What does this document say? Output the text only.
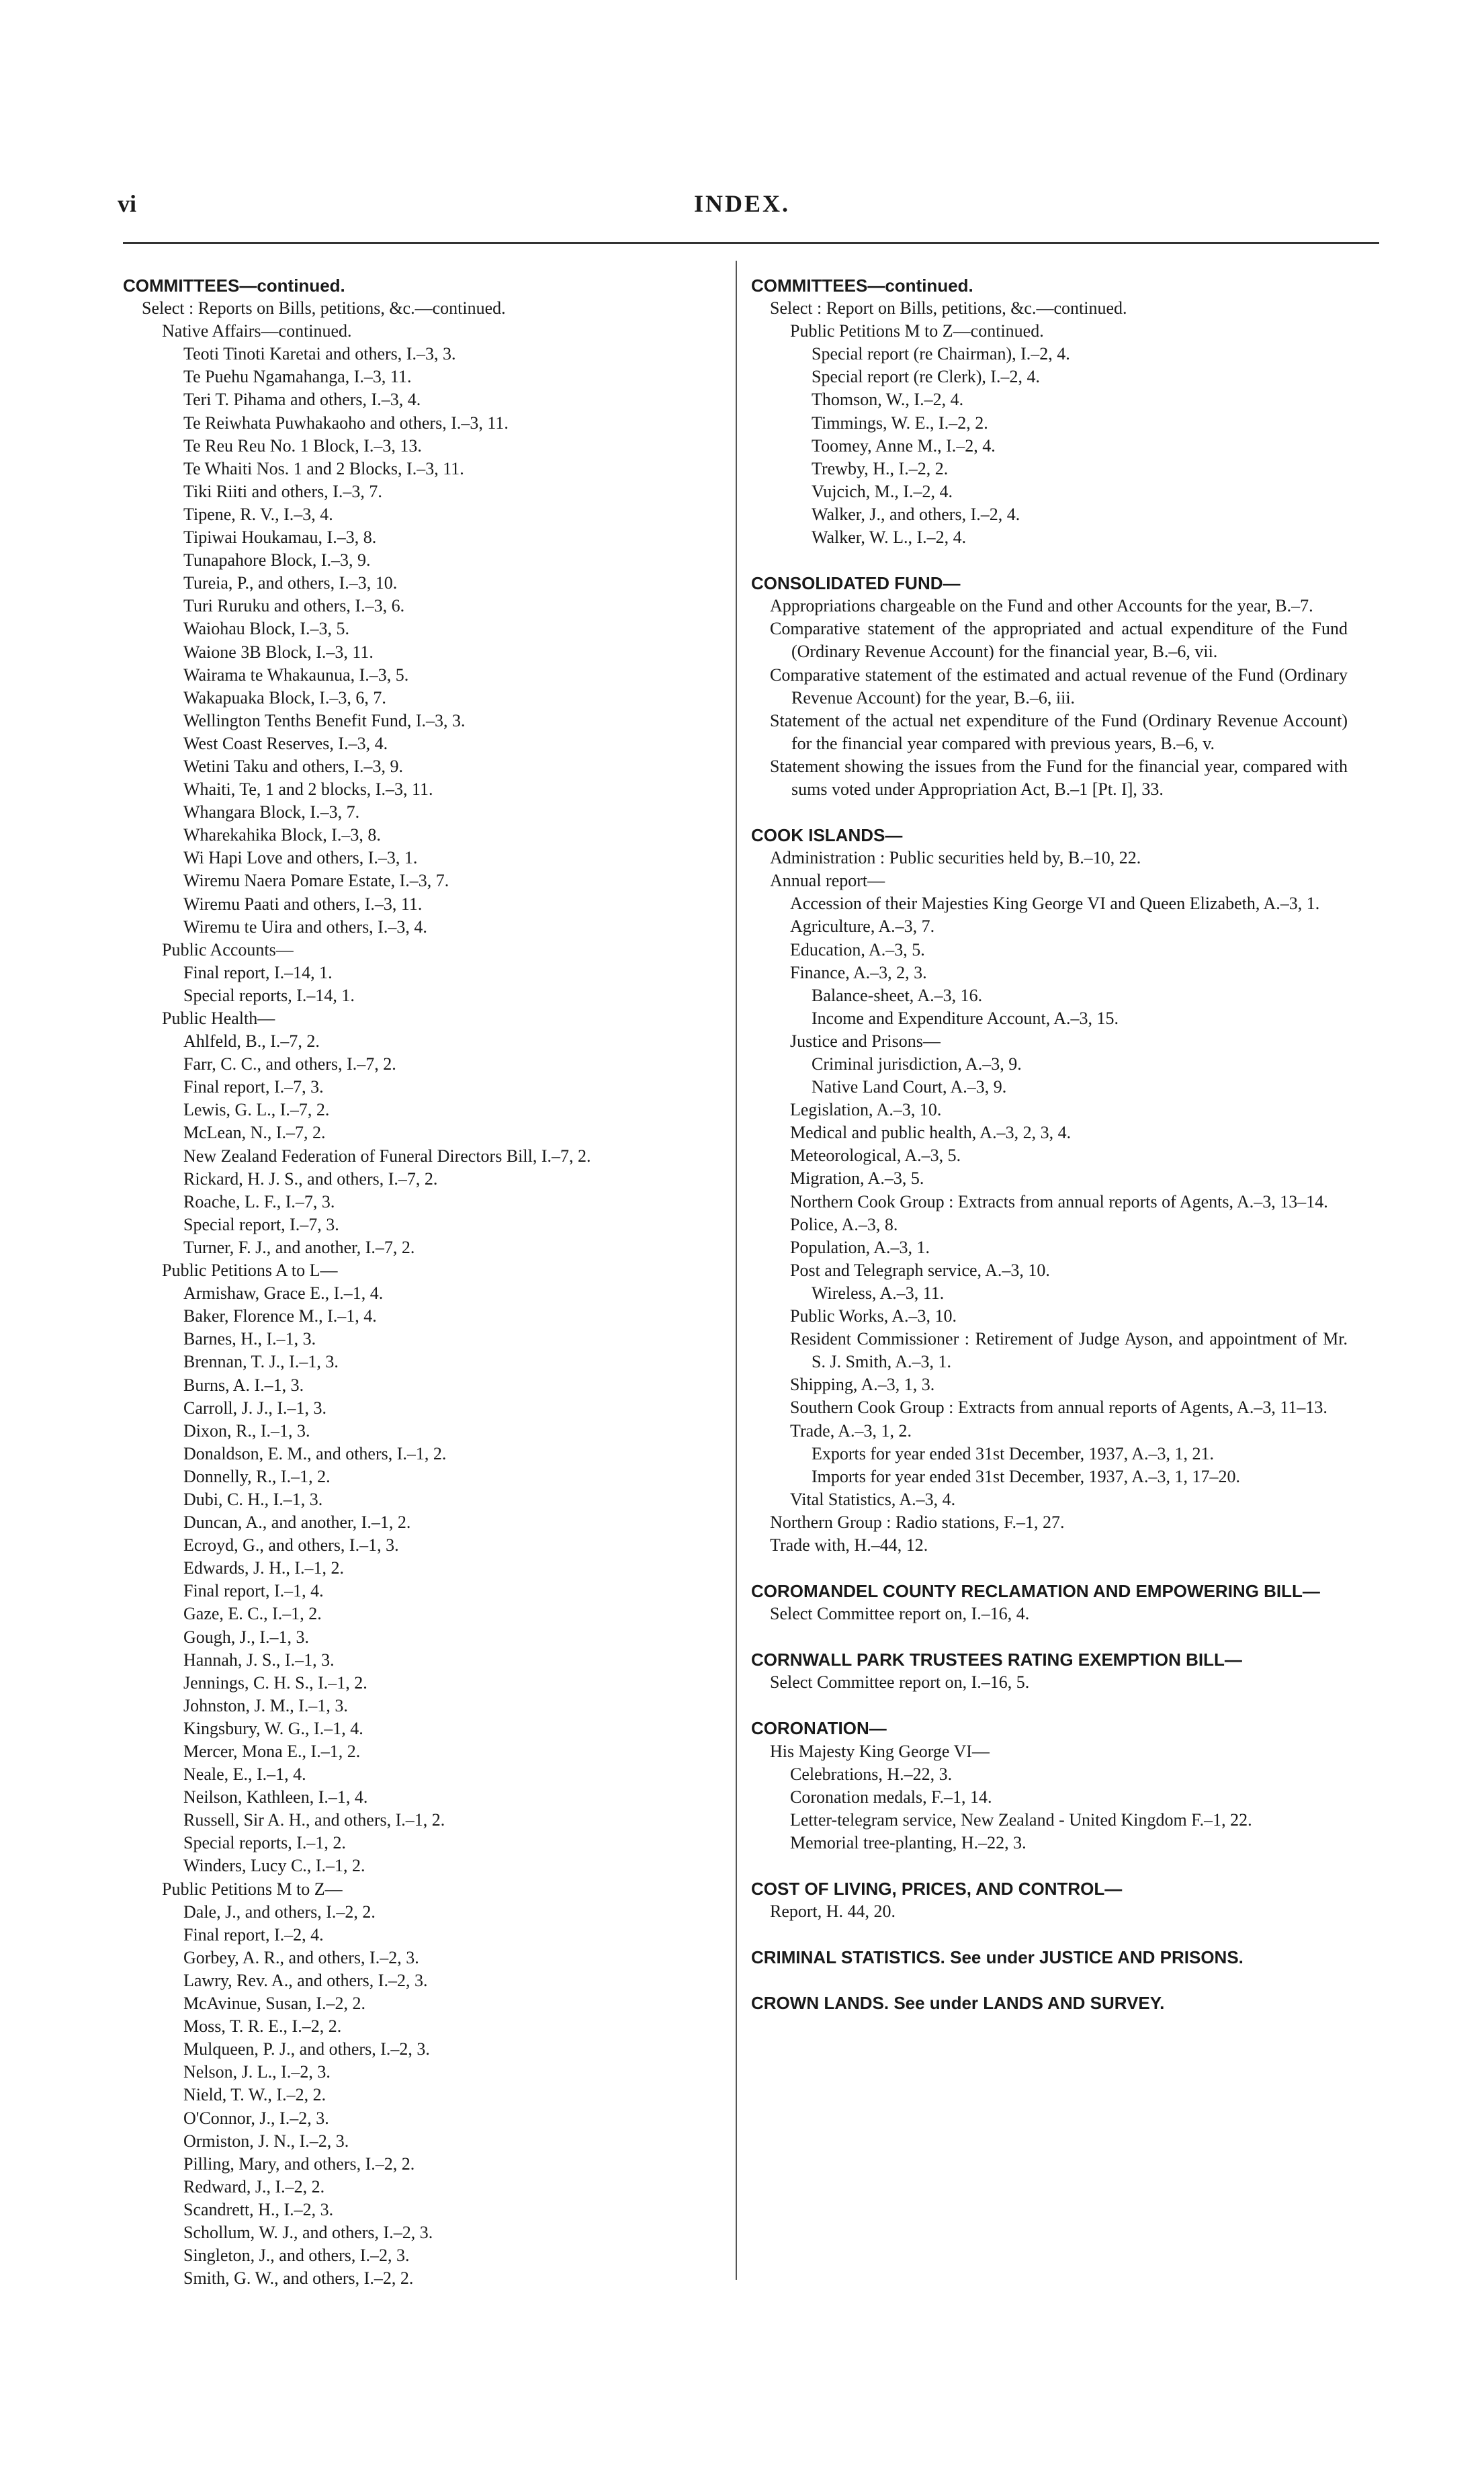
vi	INDEX.
COMMITTEES—continued.
Select : Reports on Bills, petitions, &c.—continued.
Native Affairs—continued.
Teoti Tinoti Karetai and others, I.–3, 3.
Te Puehu Ngamahanga, I.–3, 11.
Teri T. Pihama and others, I.–3, 4.
Te Reiwhata Puwhakaoho and others, I.–3, 11.
Te Reu Reu No. 1 Block, I.–3, 13.
Te Whaiti Nos. 1 and 2 Blocks, I.–3, 11.
Tiki Riiti and others, I.–3, 7.
Tipene, R. V., I.–3, 4.
Tipiwai Houkamau, I.–3, 8.
Tunapahore Block, I.–3, 9.
Tureia, P., and others, I.–3, 10.
Turi Ruruku and others, I.–3, 6.
Waiohau Block, I.–3, 5.
Waione 3B Block, I.–3, 11.
Wairama te Whakaunua, I.–3, 5.
Wakapuaka Block, I.–3, 6, 7.
Wellington Tenths Benefit Fund, I.–3, 3.
West Coast Reserves, I.–3, 4.
Wetini Taku and others, I.–3, 9.
Whaiti, Te, 1 and 2 blocks, I.–3, 11.
Whangara Block, I.–3, 7.
Wharekahika Block, I.–3, 8.
Wi Hapi Love and others, I.–3, 1.
Wiremu Naera Pomare Estate, I.–3, 7.
Wiremu Paati and others, I.–3, 11.
Wiremu te Uira and others, I.–3, 4.
Public Accounts—
Final report, I.–14, 1.
Special reports, I.–14, 1.
Public Health—
Ahlfeld, B., I.–7, 2.
Farr, C. C., and others, I.–7, 2.
Final report, I.–7, 3.
Lewis, G. L., I.–7, 2.
McLean, N., I.–7, 2.
New Zealand Federation of Funeral Directors Bill, I.–7, 2.
Rickard, H. J. S., and others, I.–7, 2.
Roache, L. F., I.–7, 3.
Special report, I.–7, 3.
Turner, F. J., and another, I.–7, 2.
Public Petitions A to L—
Armishaw, Grace E., I.–1, 4.
Baker, Florence M., I.–1, 4.
Barnes, H., I.–1, 3.
Brennan, T. J., I.–1, 3.
Burns, A. I.–1, 3.
Carroll, J. J., I.–1, 3.
Dixon, R., I.–1, 3.
Donaldson, E. M., and others, I.–1, 2.
Donnelly, R., I.–1, 2.
Dubi, C. H., I.–1, 3.
Duncan, A., and another, I.–1, 2.
Ecroyd, G., and others, I.–1, 3.
Edwards, J. H., I.–1, 2.
Final report, I.–1, 4.
Gaze, E. C., I.–1, 2.
Gough, J., I.–1, 3.
Hannah, J. S., I.–1, 3.
Jennings, C. H. S., I.–1, 2.
Johnston, J. M., I.–1, 3.
Kingsbury, W. G., I.–1, 4.
Mercer, Mona E., I.–1, 2.
Neale, E., I.–1, 4.
Neilson, Kathleen, I.–1, 4.
Russell, Sir A. H., and others, I.–1, 2.
Special reports, I.–1, 2.
Winders, Lucy C., I.–1, 2.
Public Petitions M to Z—
Dale, J., and others, I.–2, 2.
Final report, I.–2, 4.
Gorbey, A. R., and others, I.–2, 3.
Lawry, Rev. A., and others, I.–2, 3.
McAvinue, Susan, I.–2, 2.
Moss, T. R. E., I.–2, 2.
Mulqueen, P. J., and others, I.–2, 3.
Nelson, J. L., I.–2, 3.
Nield, T. W., I.–2, 2.
O'Connor, J., I.–2, 3.
Ormiston, J. N., I.–2, 3.
Pilling, Mary, and others, I.–2, 2.
Redward, J., I.–2, 2.
Scandrett, H., I.–2, 3.
Schollum, W. J., and others, I.–2, 3.
Singleton, J., and others, I.–2, 3.
Smith, G. W., and others, I.–2, 2.
COMMITTEES—continued.
Select : Report on Bills, petitions, &c.—continued.
Public Petitions M to Z—continued.
Special report (re Chairman), I.–2, 4.
Special report (re Clerk), I.–2, 4.
Thomson, W., I.–2, 4.
Timmings, W. E., I.–2, 2.
Toomey, Anne M., I.–2, 4.
Trewby, H., I.–2, 2.
Vujcich, M., I.–2, 4.
Walker, J., and others, I.–2, 4.
Walker, W. L., I.–2, 4.
CONSOLIDATED FUND—
Appropriations chargeable on the Fund and other Accounts for the year, B.–7.
Comparative statement of the appropriated and actual expenditure of the Fund (Ordinary Revenue Account) for the financial year, B.–6, vii.
Comparative statement of the estimated and actual revenue of the Fund (Ordinary Revenue Account) for the year, B.–6, iii.
Statement of the actual net expenditure of the Fund (Ordinary Revenue Account) for the financial year compared with previous years, B.–6, v.
Statement showing the issues from the Fund for the financial year, compared with sums voted under Appropriation Act, B.–1 [Pt. I], 33.
COOK ISLANDS—
Administration : Public securities held by, B.–10, 22.
Annual report—
Accession of their Majesties King George VI and Queen Elizabeth, A.–3, 1.
Agriculture, A.–3, 7.
Education, A.–3, 5.
Finance, A.–3, 2, 3.
Balance-sheet, A.–3, 16.
Income and Expenditure Account, A.–3, 15.
Justice and Prisons—
Criminal jurisdiction, A.–3, 9.
Native Land Court, A.–3, 9.
Legislation, A.–3, 10.
Medical and public health, A.–3, 2, 3, 4.
Meteorological, A.–3, 5.
Migration, A.–3, 5.
Northern Cook Group : Extracts from annual reports of Agents, A.–3, 13–14.
Police, A.–3, 8.
Population, A.–3, 1.
Post and Telegraph service, A.–3, 10.
Wireless, A.–3, 11.
Public Works, A.–3, 10.
Resident Commissioner : Retirement of Judge Ayson, and appointment of Mr. S. J. Smith, A.–3, 1.
Shipping, A.–3, 1, 3.
Southern Cook Group : Extracts from annual reports of Agents, A.–3, 11–13.
Trade, A.–3, 1, 2.
Exports for year ended 31st December, 1937, A.–3, 1, 21.
Imports for year ended 31st December, 1937, A.–3, 1, 17–20.
Vital Statistics, A.–3, 4.
Northern Group : Radio stations, F.–1, 27.
Trade with, H.–44, 12.
COROMANDEL COUNTY RECLAMATION AND EMPOWERING BILL—
Select Committee report on, I.–16, 4.
CORNWALL PARK TRUSTEES RATING EXEMPTION BILL—
Select Committee report on, I.–16, 5.
CORONATION—
His Majesty King George VI—
Celebrations, H.–22, 3.
Coronation medals, F.–1, 14.
Letter-telegram service, New Zealand - United Kingdom F.–1, 22.
Memorial tree-planting, H.–22, 3.
COST OF LIVING, PRICES, AND CONTROL—
Report, H. 44, 20.
CRIMINAL STATISTICS. See under JUSTICE AND PRISONS.
CROWN LANDS. See under LANDS AND SURVEY.
